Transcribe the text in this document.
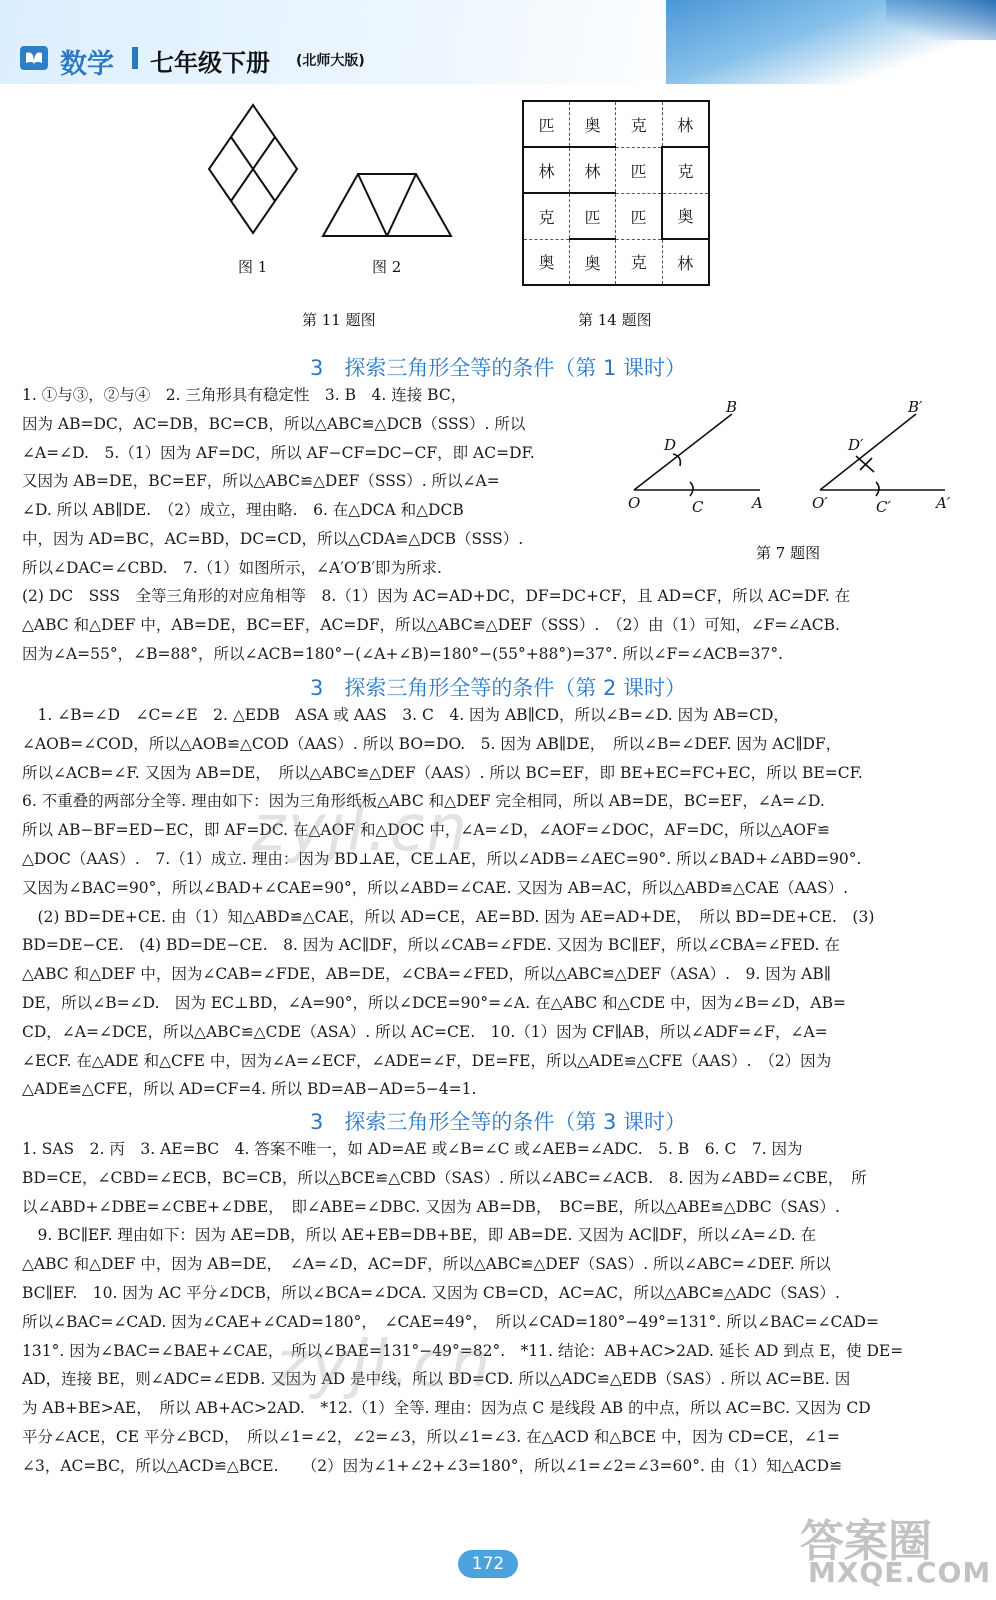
数学 七年级下册 (北师大版)
图 1	图 2
第 11 题图
匹	奥	克	林
林	林	匹	克
克	匹	匹	奥
奥	奥	克	林
第 14 题图
3　探索三角形全等的条件（第 1 课时）

1. ①与③，②与④　2. 三角形具有稳定性　3. B　4. 连接 BC，

因为 AB=DC，AC=DB，BC=CB，所以△ABC≌△DCB（SSS）. 所以

∠A=∠D.　5.（1）因为 AF=DC，所以 AF−CF=DC−CF，即 AC=DF.

又因为 AB=DE，BC=EF，所以△ABC≌△DEF（SSS）. 所以∠A=

∠D. 所以 AB∥DE.　（2）成立，理由略.　6. 在△DCA 和△DCB

中，因为 AD=BC，AC=BD，DC=CD，所以△CDA≌△DCB（SSS）.

所以∠DAC=∠CBD.　7.（1）如图所示，∠A′O′B′即为所求.

B
D
O	C	A
B′
D′
O′	C′	A′
第 7 题图

(2) DC　SSS　全等三角形的对应角相等　8.（1）因为 AC=AD+DC，DF=DC+CF，且 AD=CF，所以 AC=DF. 在

△ABC 和△DEF 中，AB=DE，BC=EF，AC=DF，所以△ABC≌△DEF（SSS）.　（2）由（1）可知，∠F=∠ACB.

因为∠A=55°，∠B=88°，所以∠ACB=180°−(∠A+∠B)=180°−(55°+88°)=37°. 所以∠F=∠ACB=37°.

3　探索三角形全等的条件（第 2 课时）

　1. ∠B=∠D　∠C=∠E　2. △EDB　ASA 或 AAS　3. C　4. 因为 AB∥CD，所以∠B=∠D. 因为 AB=CD，

∠AOB=∠COD，所以△AOB≌△COD（AAS）. 所以 BO=DO.　5. 因为 AB∥DE，　所以∠B=∠DEF. 因为 AC∥DF，

所以∠ACB=∠F. 又因为 AB=DE，　所以△ABC≌△DEF（AAS）. 所以 BC=EF，即 BE+EC=FC+EC，所以 BE=CF.

6. 不重叠的两部分全等. 理由如下：因为三角形纸板△ABC 和△DEF 完全相同，所以 AB=DE，BC=EF，∠A=∠D.

所以 AB−BF=ED−EC，即 AF=DC. 在△AOF 和△DOC 中，∠A=∠D，∠AOF=∠DOC，AF=DC，所以△AOF≌

△DOC（AAS）.　7.（1）成立. 理由：因为 BD⊥AE，CE⊥AE，所以∠ADB=∠AEC=90°. 所以∠BAD+∠ABD=90°.

又因为∠BAC=90°，所以∠BAD+∠CAE=90°，所以∠ABD=∠CAE. 又因为 AB=AC，所以△ABD≌△CAE（AAS）.

　(2) BD=DE+CE. 由（1）知△ABD≌△CAE，所以 AD=CE，AE=BD. 因为 AE=AD+DE，　所以 BD=DE+CE.　(3)

BD=DE−CE.　(4) BD=DE−CE.　8. 因为 AC∥DF，所以∠CAB=∠FDE. 又因为 BC∥EF，所以∠CBA=∠FED. 在

△ABC 和△DEF 中，因为∠CAB=∠FDE，AB=DE，∠CBA=∠FED，所以△ABC≌△DEF（ASA）.　9. 因为 AB∥

DE，所以∠B=∠D.　因为 EC⊥BD，∠A=90°，所以∠DCE=90°=∠A. 在△ABC 和△CDE 中，因为∠B=∠D，AB=

CD，∠A=∠DCE，所以△ABC≌△CDE（ASA）. 所以 AC=CE.　10.（1）因为 CF∥AB，所以∠ADF=∠F，∠A=

∠ECF. 在△ADE 和△CFE 中，因为∠A=∠ECF，∠ADE=∠F，DE=FE，所以△ADE≌△CFE（AAS）.　（2）因为

△ADE≌△CFE，所以 AD=CF=4. 所以 BD=AB−AD=5−4=1.

3　探索三角形全等的条件（第 3 课时）

1. SAS　2. 丙　3. AE=BC　4. 答案不唯一，如 AD=AE 或∠B=∠C 或∠AEB=∠ADC.　5. B　6. C　7. 因为

BD=CE，∠CBD=∠ECB，BC=CB，所以△BCE≌△CBD（SAS）. 所以∠ABC=∠ACB.　8. 因为∠ABD=∠CBE，　所

以∠ABD+∠DBE=∠CBE+∠DBE，　即∠ABE=∠DBC. 又因为 AB=DB，　BC=BE，所以△ABE≌△DBC（SAS）.

　9. BC∥EF. 理由如下：因为 AE=DB，所以 AE+EB=DB+BE，即 AB=DE. 又因为 AC∥DF，所以∠A=∠D. 在

△ABC 和△DEF 中，因为 AB=DE，　∠A=∠D，AC=DF，所以△ABC≌△DEF（SAS）. 所以∠ABC=∠DEF. 所以

BC∥EF.　10. 因为 AC 平分∠DCB，所以∠BCA=∠DCA. 又因为 CB=CD，AC=AC，所以△ABC≌△ADC（SAS）.

所以∠BAC=∠CAD. 因为∠CAE+∠CAD=180°，　∠CAE=49°，　所以∠CAD=180°−49°=131°. 所以∠BAC=∠CAD=

131°. 因为∠BAC=∠BAE+∠CAE，　所以∠BAE=131°−49°=82°.　*11. 结论：AB+AC>2AD. 延长 AD 到点 E，使 DE=

AD，连接 BE，则∠ADC=∠EDB. 又因为 AD 是中线，所以 BD=CD. 所以△ADC≌△EDB（SAS）. 所以 AC=BE. 因

为 AB+BE>AE，　所以 AB+AC>2AD.　*12.（1）全等. 理由：因为点 C 是线段 AB 的中点，所以 AC=BC. 又因为 CD

平分∠ACE，CE 平分∠BCD，　所以∠1=∠2，∠2=∠3，所以∠1=∠3. 在△ACD 和△BCE 中，因为 CD=CE，∠1=

∠3，AC=BC，所以△ACD≌△BCE.　　（2）因为∠1+∠2+∠3=180°，所以∠1=∠2=∠3=60°. 由（1）知△ACD≌

zyjl.cn
zyjl.cn
172	答案圈
MXQE.COM
